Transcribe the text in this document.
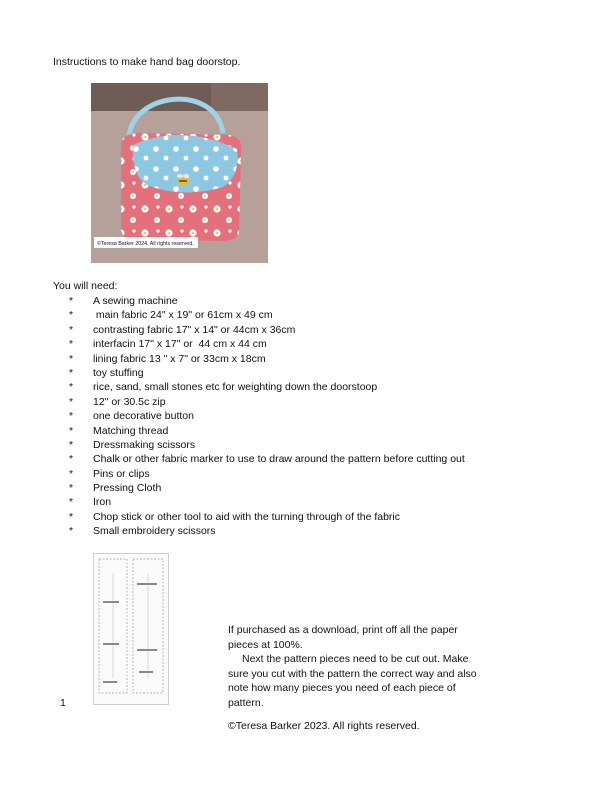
Instructions to make hand bag doorstop.
©Teresa Barker 2024. All rights reserved.
You will need:
*	A sewing machine
*	main fabric 24" x 19" or 61cm x 49 cm
*	contrasting fabric 17" x 14" or 44cm x 36cm
*	interfacin 17" x 17" or  44 cm x 44 cm
*	lining fabric 13 " x 7" or 33cm x 18cm
*	toy stuffing
*	rice, sand, small stones etc for weighting down the doorstoop
*	12" or 30.5c zip
*	one decorative button
*	Matching thread
*	Dressmaking scissors
*	Chalk or other fabric marker to use to draw around the pattern before cutting out
*	Pins or clips
*	Pressing Cloth
*	Iron
*	Chop stick or other tool to aid with the turning through of the fabric
*	Small embroidery scissors
1

If purchased as a download, print off all the paper pieces at 100%.

Next the pattern pieces need to be cut out. Make sure you cut with the pattern the correct way and also note how many pieces you need of each piece of pattern.

©Teresa Barker 2023. All rights reserved.
